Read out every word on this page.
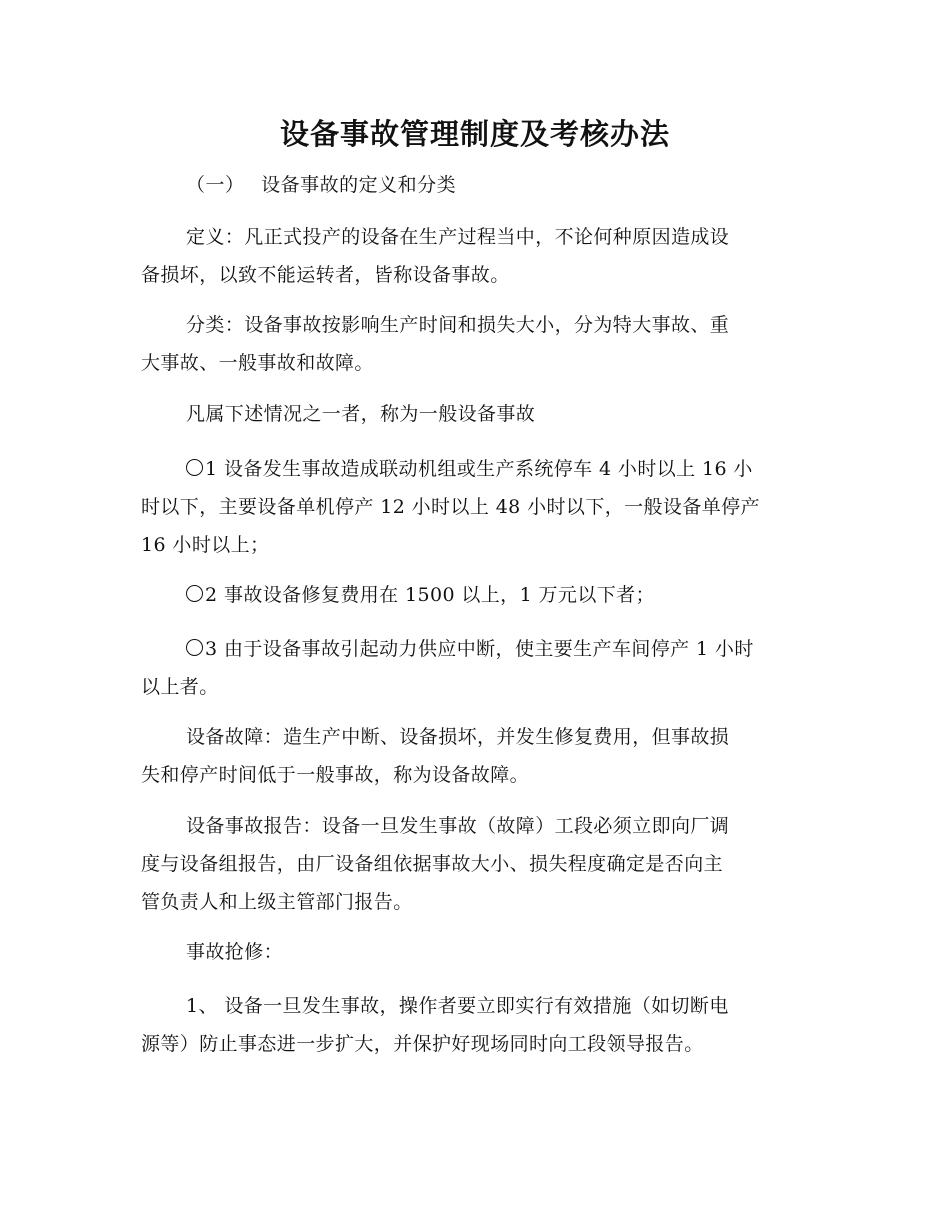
设备事故管理制度及考核办法
（一） 设备事故的定义和分类
定义：凡正式投产的设备在生产过程当中，不论何种原因造成设
备损坏，以致不能运转者，皆称设备事故。
分类：设备事故按影响生产时间和损失大小，分为特大事故、重
大事故、一般事故和故障。
凡属下述情况之一者，称为一般设备事故
1 设备发生事故造成联动机组或生产系统停车 4 小时以上 16 小
时以下，主要设备单机停产 12 小时以上 48 小时以下，一般设备单停产
16 小时以上；
2 事故设备修复费用在 1500 以上，1 万元以下者；
3 由于设备事故引起动力供应中断，使主要生产车间停产 1 小时
以上者。
设备故障：造生产中断、设备损坏，并发生修复费用，但事故损
失和停产时间低于一般事故，称为设备故障。
设备事故报告：设备一旦发生事故（故障）工段必须立即向厂调
度与设备组报告，由厂设备组依据事故大小、损失程度确定是否向主
管负责人和上级主管部门报告。
事故抢修：
1、 设备一旦发生事故，操作者要立即实行有效措施（如切断电
源等）防止事态进一步扩大，并保护好现场同时向工段领导报告。
